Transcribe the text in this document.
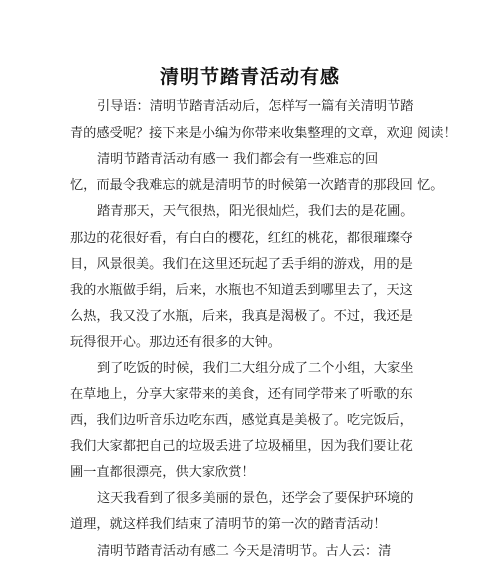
清明节踏青活动有感
引导语：清明节踏青活动后，怎样写一篇有关清明节踏
青的感受呢？接下来是小编为你带来收集整理的文章，欢迎 阅读！
清明节踏青活动有感一 我们都会有一些难忘的回
忆，而最令我难忘的就是清明节的时候第一次踏青的那段回 忆。
踏青那天，天气很热，阳光很灿烂，我们去的是花圃。
那边的花很好看，有白白的樱花，红红的桃花，都很璀璨夺
目，风景很美。我们在这里还玩起了丢手绢的游戏，用的是
我的水瓶做手绢，后来，水瓶也不知道丢到哪里去了，天这
么热，我又没了水瓶，后来，我真是渴极了。不过，我还是
玩得很开心。那边还有很多的大钟。
到了吃饭的时候，我们二大组分成了二个小组，大家坐
在草地上，分享大家带来的美食，还有同学带来了听歌的东
西，我们边听音乐边吃东西，感觉真是美极了。吃完饭后，
我们大家都把自己的垃圾丢进了垃圾桶里，因为我们要让花
圃一直都很漂亮，供大家欣赏！
这天我看到了很多美丽的景色，还学会了要保护环境的
道理，就这样我们结束了清明节的第一次的踏青活动！
清明节踏青活动有感二 今天是清明节。古人云：清
